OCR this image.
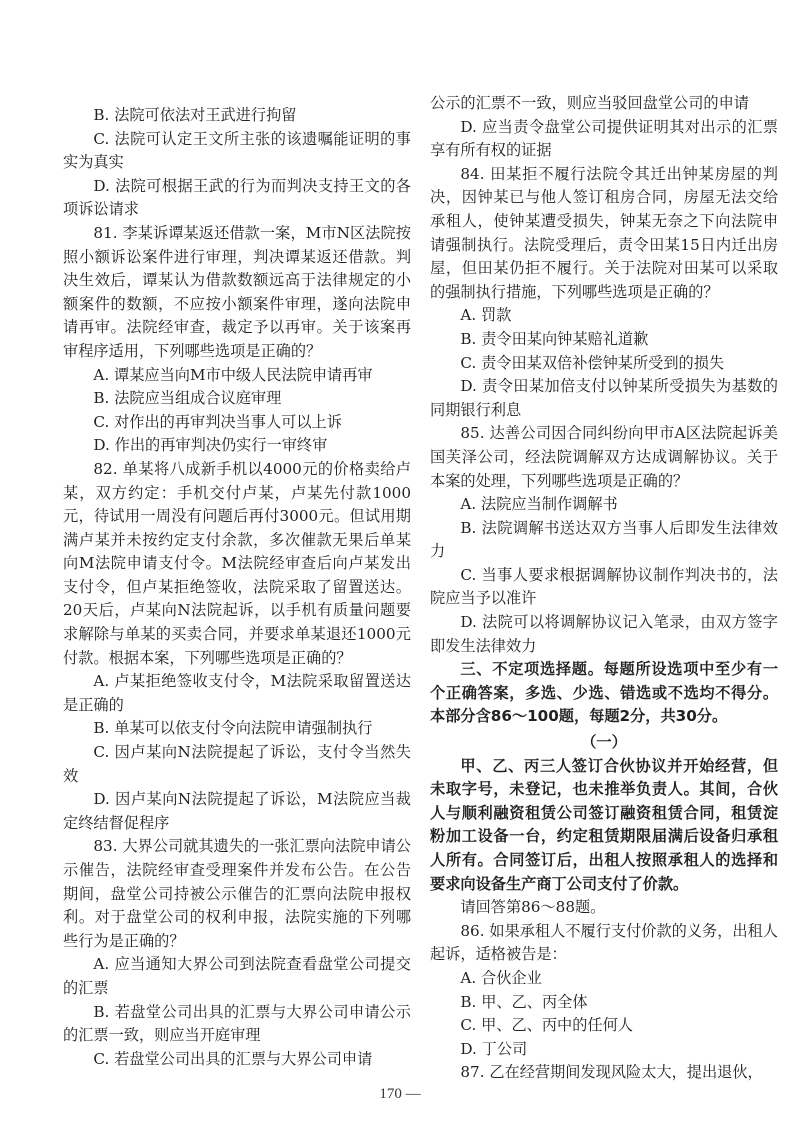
B. 法院可依法对王武进行拘留

C. 法院可认定王文所主张的该遗嘱能证明的事实为真实

D. 法院可根据王武的行为而判决支持王文的各项诉讼请求

81. 李某诉谭某返还借款一案，M市N区法院按照小额诉讼案件进行审理，判决谭某返还借款。判决生效后，谭某认为借款数额远高于法律规定的小额案件的数额，不应按小额案件审理，遂向法院申请再审。法院经审查，裁定予以再审。关于该案再审程序适用，下列哪些选项是正确的？

A. 谭某应当向M市中级人民法院申请再审

B. 法院应当组成合议庭审理

C. 对作出的再审判决当事人可以上诉

D. 作出的再审判决仍实行一审终审

82. 单某将八成新手机以4000元的价格卖给卢某，双方约定：手机交付卢某，卢某先付款1000元，待试用一周没有问题后再付3000元。但试用期满卢某并未按约定支付余款，多次催款无果后单某向M法院申请支付令。M法院经审查后向卢某发出支付令，但卢某拒绝签收，法院采取了留置送达。20天后，卢某向N法院起诉，以手机有质量问题要求解除与单某的买卖合同，并要求单某退还1000元付款。根据本案，下列哪些选项是正确的？

A. 卢某拒绝签收支付令，M法院采取留置送达是正确的

B. 单某可以依支付令向法院申请强制执行

C. 因卢某向N法院提起了诉讼，支付令当然失效

D. 因卢某向N法院提起了诉讼，M法院应当裁定终结督促程序

83. 大界公司就其遗失的一张汇票向法院申请公示催告，法院经审查受理案件并发布公告。在公告期间，盘堂公司持被公示催告的汇票向法院申报权利。对于盘堂公司的权利申报，法院实施的下列哪些行为是正确的？

A. 应当通知大界公司到法院查看盘堂公司提交的汇票

B. 若盘堂公司出具的汇票与大界公司申请公示的汇票一致，则应当开庭审理

C. 若盘堂公司出具的汇票与大界公司申请

公示的汇票不一致，则应当驳回盘堂公司的申请

D. 应当责令盘堂公司提供证明其对出示的汇票享有所有权的证据

84. 田某拒不履行法院令其迁出钟某房屋的判决，因钟某已与他人签订租房合同，房屋无法交给承租人，使钟某遭受损失，钟某无奈之下向法院申请强制执行。法院受理后，责令田某15日内迁出房屋，但田某仍拒不履行。关于法院对田某可以采取的强制执行措施，下列哪些选项是正确的？

A. 罚款

B. 责令田某向钟某赔礼道歉

C. 责令田某双倍补偿钟某所受到的损失

D. 责令田某加倍支付以钟某所受损失为基数的同期银行利息

85. 达善公司因合同纠纷向甲市A区法院起诉美国芙泽公司，经法院调解双方达成调解协议。关于本案的处理，下列哪些选项是正确的？

A. 法院应当制作调解书

B. 法院调解书送达双方当事人后即发生法律效力

C. 当事人要求根据调解协议制作判决书的，法院应当予以准许

D. 法院可以将调解协议记入笔录，由双方签字即发生法律效力

三、不定项选择题。每题所设选项中至少有一个正确答案，多选、少选、错选或不选均不得分。本部分含86～100题，每题2分，共30分。

（一）

甲、乙、丙三人签订合伙协议并开始经营，但未取字号，未登记，也未推举负责人。其间，合伙人与顺利融资租赁公司签订融资租赁合同，租赁淀粉加工设备一台，约定租赁期限届满后设备归承租人所有。合同签订后，出租人按照承租人的选择和要求向设备生产商丁公司支付了价款。

请回答第86～88题。

86. 如果承租人不履行支付价款的义务，出租人起诉，适格被告是：

A. 合伙企业

B. 甲、乙、丙全体

C. 甲、乙、丙中的任何人

D. 丁公司

87. 乙在经营期间发现风险太大，提出退伙，

170 —
